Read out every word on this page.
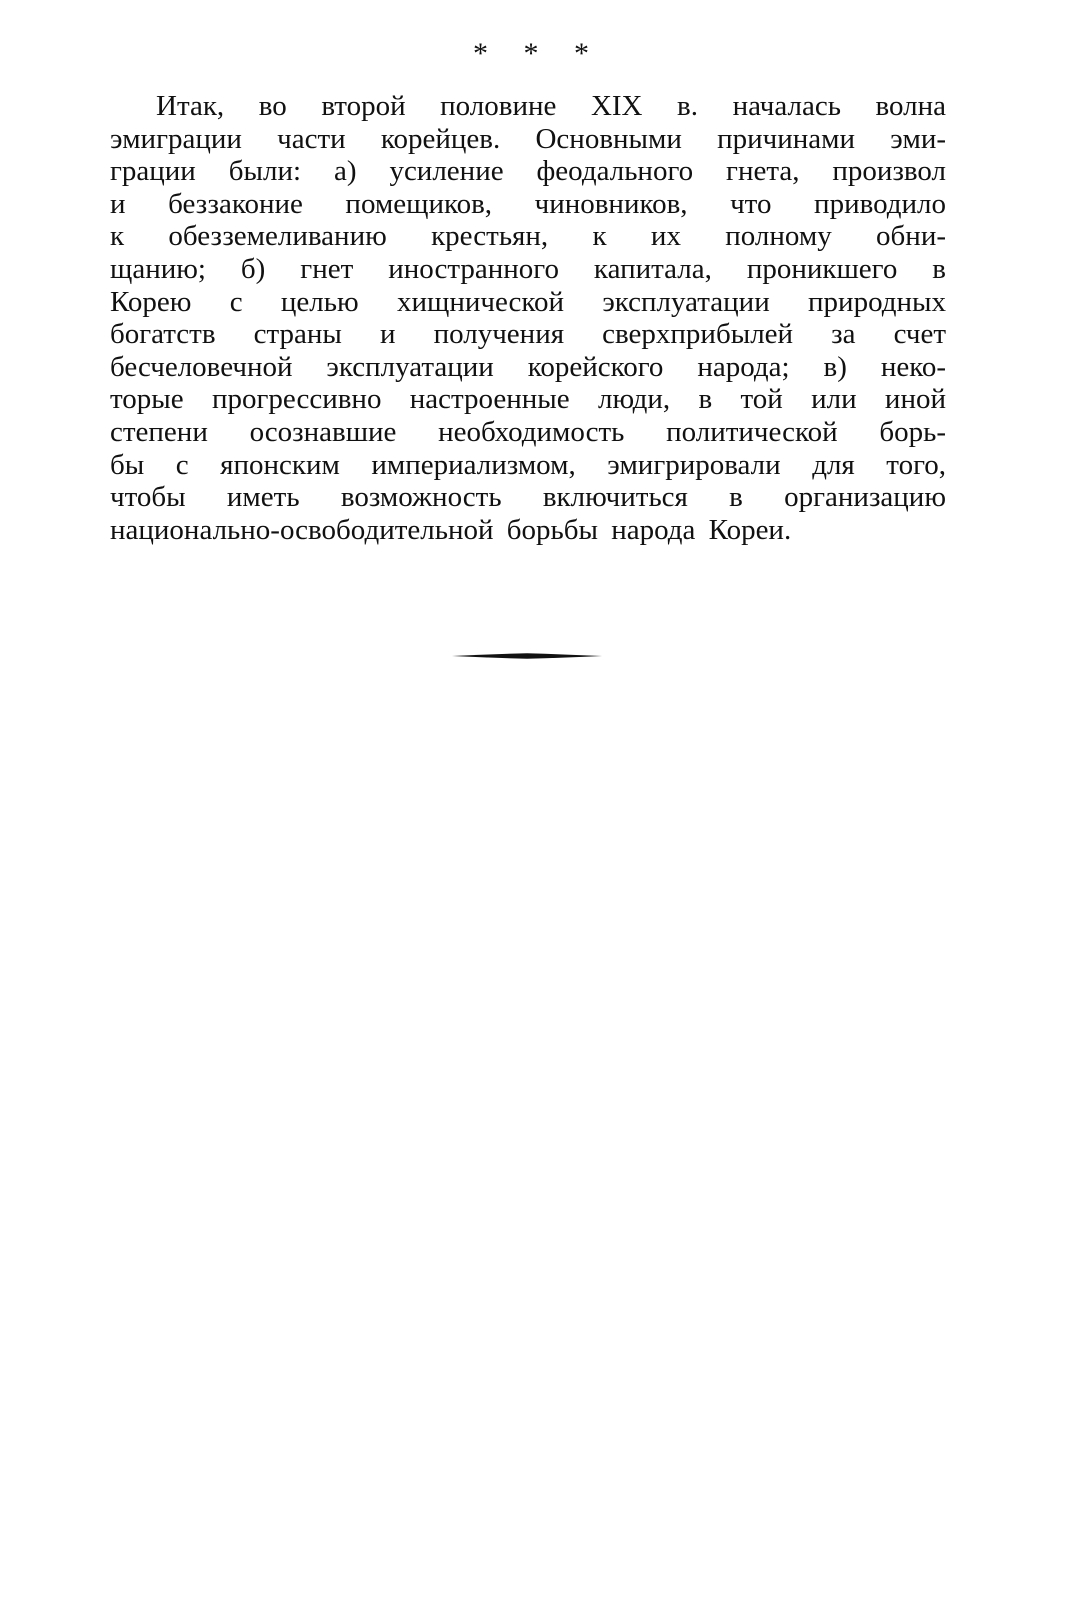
* * *
Итак, во второй половине XIX в. началась волна
эмиграции части корейцев. Основными причинами эми-
грации были: а) усиление феодального гнета, произвол
и беззаконие помещиков, чиновников, что приводило
к обезземеливанию крестьян, к их полному обни-
щанию; б) гнет иностранного капитала, проникшего в
Корею с целью хищнической эксплуатации природных
богатств страны и получения сверхприбылей за счет
бесчеловечной эксплуатации корейского народа; в) неко-
торые прогрессивно настроенные люди, в той или иной
степени осознавшие необходимость политической борь-
бы с японским империализмом, эмигрировали для того,
чтобы иметь возможность включиться в организацию
национально-освободительной борьбы народа Кореи.
